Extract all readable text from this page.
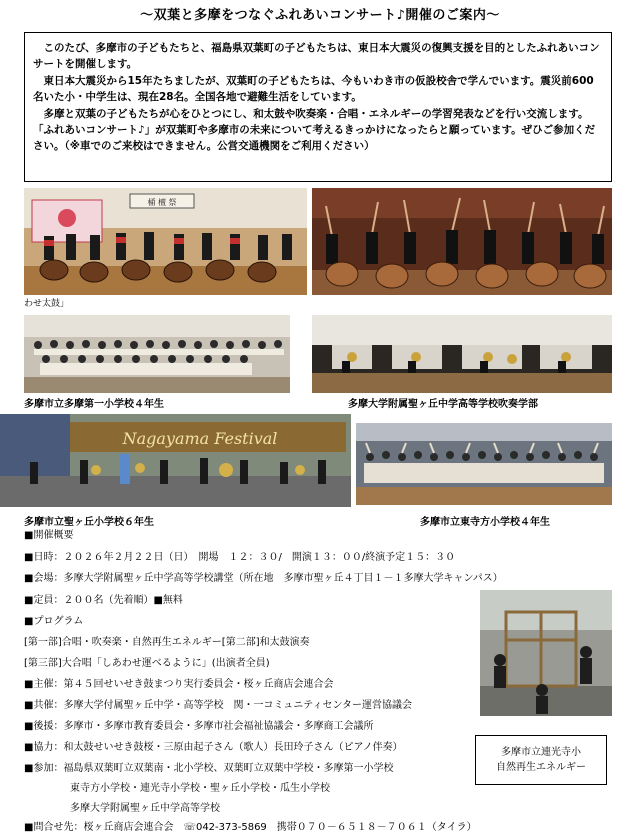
～双葉と多摩をつなぐふれあいコンサート♪開催のご案内～

このたび、多摩市の子どもたちと、福島県双葉町の子どもたちは、東日本大震災の復興支援を目的としたふれあいコンサートを開催します。

東日本大震災から15年たちましたが、双葉町の子どもたちは、今もいわき市の仮設校舎で学んでいます。震災前600名いた小・中学生は、現在28名。全国各地で避難生活をしています。

多摩と双葉の子どもたちが心をひとつにし、和太鼓や吹奏楽・合唱・エネルギーの学習発表などを行い交流します。「ふれあいコンサート♪」が双葉町や多摩市の未来について考えるきっかけになったらと願っています。ぜひご参加ください。（※車でのご来校はできません。公営交通機関をご利用ください）

桶 檀 祭
わせ太鼓」
多摩市立多摩第一小学校４年生	多摩大学附属聖ヶ丘中学高等学校吹奏学部
Nagayama Festival
多摩市立聖ヶ丘小学校６年生	多摩市立東寺方小学校４年生
多摩市立連光寺小
自然再生エネルギー
■開催概要
■日時：２０２６年２月２２日（日）　開場　１２：３０/　開演１３：００/終演予定１５：３０
■会場：多摩大学附属聖ヶ丘中学高等学校講堂（所在地　多摩市聖ヶ丘４丁目１－１多摩大学キャンパス）
■定員：２００名（先着順）■無料
■プログラム
[第一部]合唱・吹奏楽・自然再生エネルギー[第二部]和太鼓演奏
[第三部]大合唱「しあわせ運べるように」(出演者全員)
■主催：第４５回せいせき鼓まつり実行委員会・桜ヶ丘商店会連合会
■共催：多摩大学付属聖ヶ丘中学・高等学校　関・一コミュニティセンター運営協議会
■後援：多摩市・多摩市教育委員会・多摩市社会福祉協議会・多摩商工会議所
■協力：和太鼓せいせき鼓桜・三原由起子さん（歌人）長田玲子さん（ピアノ伴奏）
■参加：福島県双葉町立双葉南・北小学校、双葉町立双葉中学校・多摩第一小学校
東寺方小学校・連光寺小学校・聖ヶ丘小学校・瓜生小学校
多摩大学附属聖ヶ丘中学高等学校
■問合せ先：桜ヶ丘商店会連合会　☏042-373-5869　携帯０７０－６５１８－７０６１（タイラ）
